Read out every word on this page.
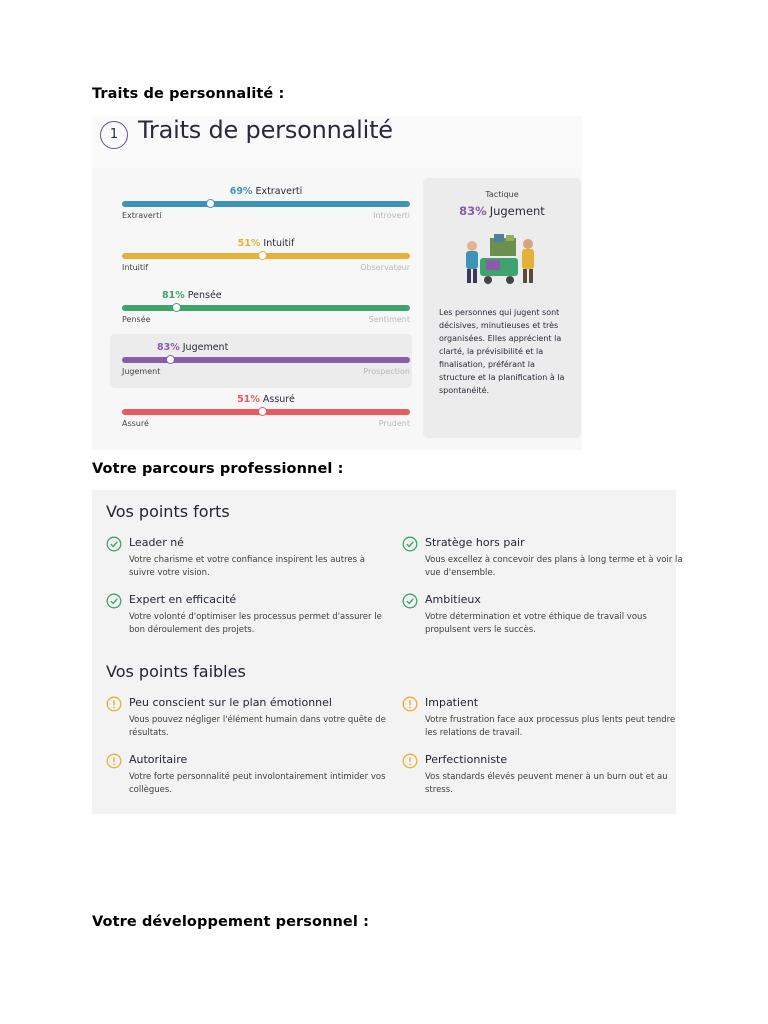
Traits de personnalité :
1 Traits de personnalité
69% Extraverti
Extraverti	Introverti
51% Intuitif
Intuitif	Observateur
81% Pensée
Pensée	Sentiment
83% Jugement
Jugement	Prospection
51% Assuré
Assuré	Prudent
Tactique
83% Jugement
Les personnes qui jugent sont décisives, minutieuses et très organisées. Elles apprécient la clarté, la prévisibilité et la finalisation, préférant la structure et la planification à la spontanéité.
Votre parcours professionnel :
Vos points forts
Leader né
Votre charisme et votre confiance inspirent les autres à suivre votre vision.
Stratège hors pair
Vous excellez à concevoir des plans à long terme et à voir la vue d'ensemble.
Expert en efficacité
Votre volonté d'optimiser les processus permet d'assurer le bon déroulement des projets.
Ambitieux
Votre détermination et votre éthique de travail vous propulsent vers le succès.
Vos points faibles
Peu conscient sur le plan émotionnel
Vous pouvez négliger l'élément humain dans votre quête de résultats.
Impatient
Votre frustration face aux processus plus lents peut tendre les relations de travail.
Autoritaire
Votre forte personnalité peut involontairement intimider vos collègues.
Perfectionniste
Vos standards élevés peuvent mener à un burn out et au stress.
Votre développement personnel :
